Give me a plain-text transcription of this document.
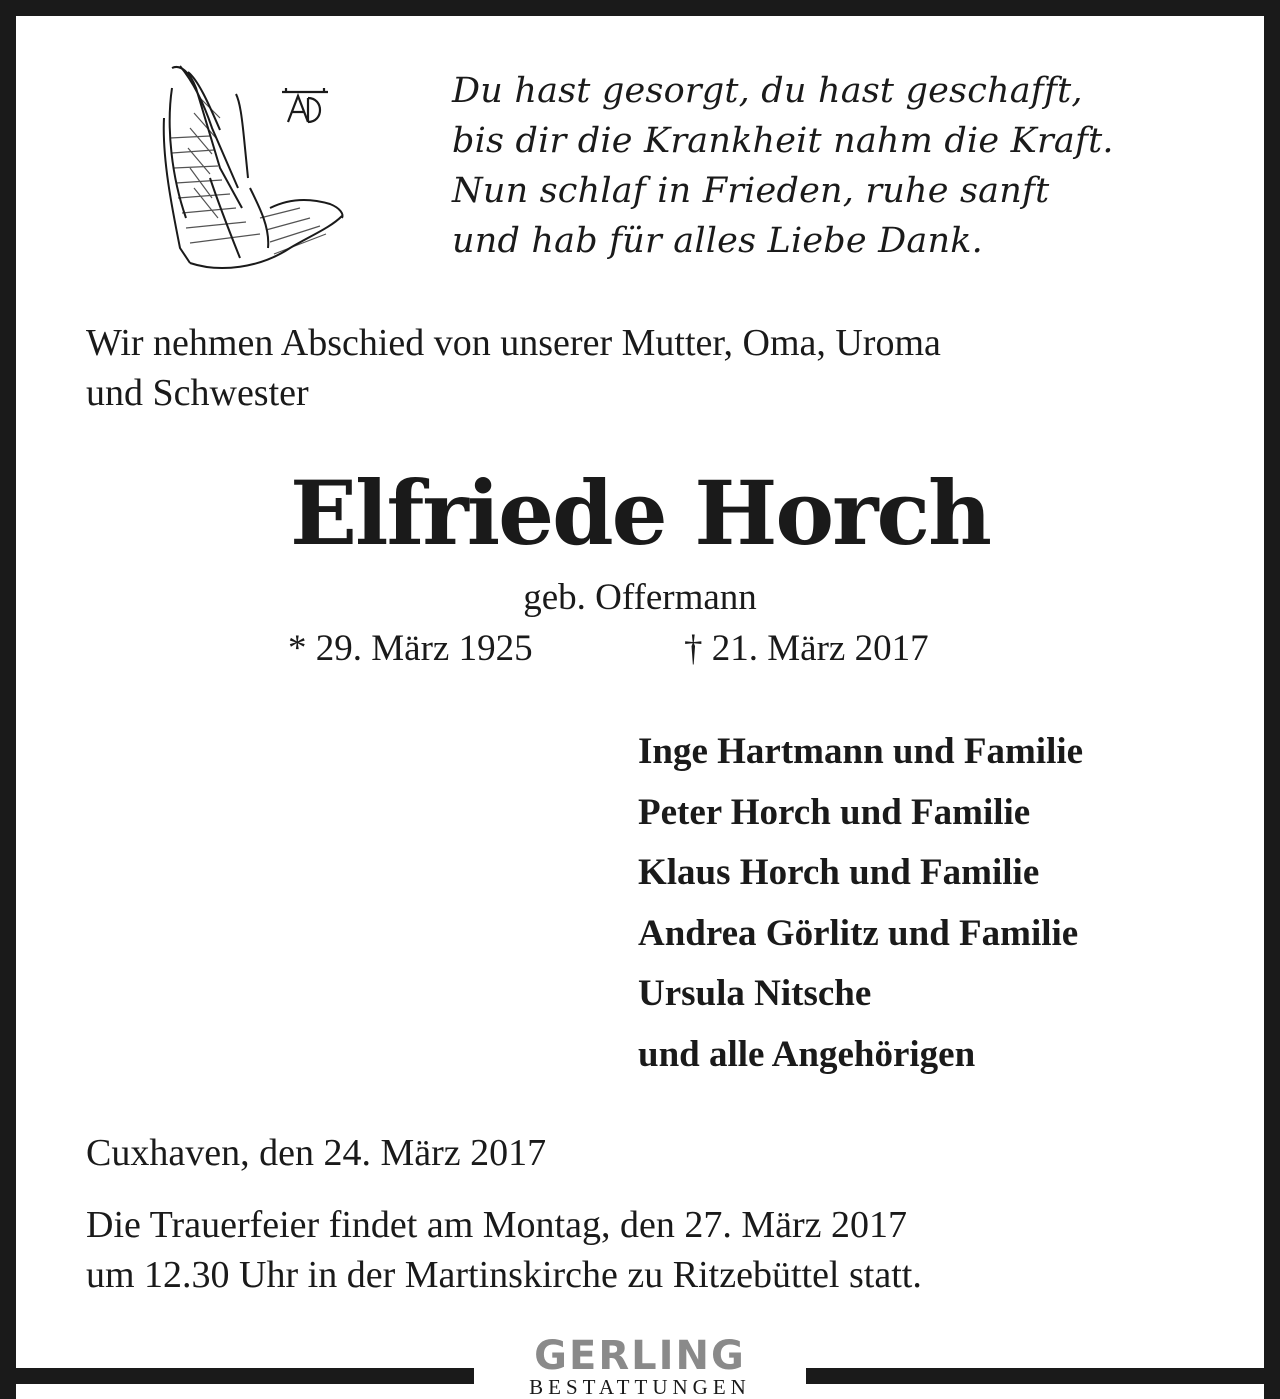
Du hast gesorgt, du hast geschafft,
bis dir die Krankheit nahm die Kraft.
Nun schlaf in Frieden, ruhe sanft
und hab für alles Liebe Dank.

Wir nehmen Abschied von unserer Mutter, Oma, Uroma
und Schwester

Elfriede Horch
geb. Offermann
* 29. März 1925	† 21. März 2017
Inge Hartmann und Familie
Peter Horch und Familie
Klaus Horch und Familie
Andrea Görlitz und Familie
Ursula Nitsche
und alle Angehörigen
Cuxhaven, den 24. März 2017
Die Trauerfeier findet am Montag, den 27. März 2017
um 12.30 Uhr in der Martinskirche zu Ritzebüttel statt.
GERLING
BESTATTUNGEN
